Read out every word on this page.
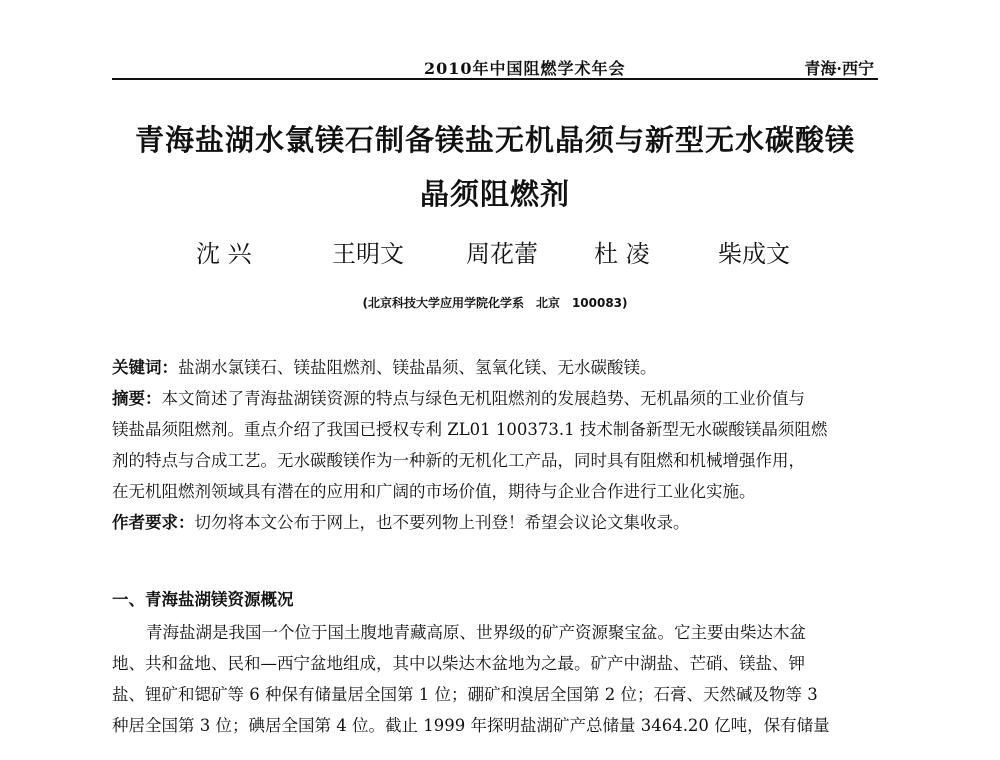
2010年中国阻燃学术年会	青海·西宁
青海盐湖水氯镁石制备镁盐无机晶须与新型无水碳酸镁
晶须阻燃剂
沈 兴	王明文	周花蕾 杜 凌	柴成文
(北京科技大学应用学院化学系　北京　100083)
关键词：盐湖水氯镁石、镁盐阻燃剂、镁盐晶须、氢氧化镁、无水碳酸镁。
摘要：本文简述了青海盐湖镁资源的特点与绿色无机阻燃剂的发展趋势、无机晶须的工业价值与
镁盐晶须阻燃剂。重点介绍了我国已授权专利 ZL01 100373.1 技术制备新型无水碳酸镁晶须阻燃
剂的特点与合成工艺。无水碳酸镁作为一种新的无机化工产品，同时具有阻燃和机械增强作用，
在无机阻燃剂领域具有潜在的应用和广阔的市场价值，期待与企业合作进行工业化实施。
作者要求：切勿将本文公布于网上，也不要列物上刊登！希望会议论文集收录。
一、青海盐湖镁资源概况
青海盐湖是我国一个位于国土腹地青藏高原、世界级的矿产资源聚宝盆。它主要由柴达木盆
地、共和盆地、民和—西宁盆地组成，其中以柴达木盆地为之最。矿产中湖盐、芒硝、镁盐、钾
盐、锂矿和锶矿等 6 种保有储量居全国第 1 位；硼矿和溴居全国第 2 位；石膏、天然碱及物等 3
种居全国第 3 位；碘居全国第 4 位。截止 1999 年探明盐湖矿产总储量 3464.20 亿吨，保有储量
